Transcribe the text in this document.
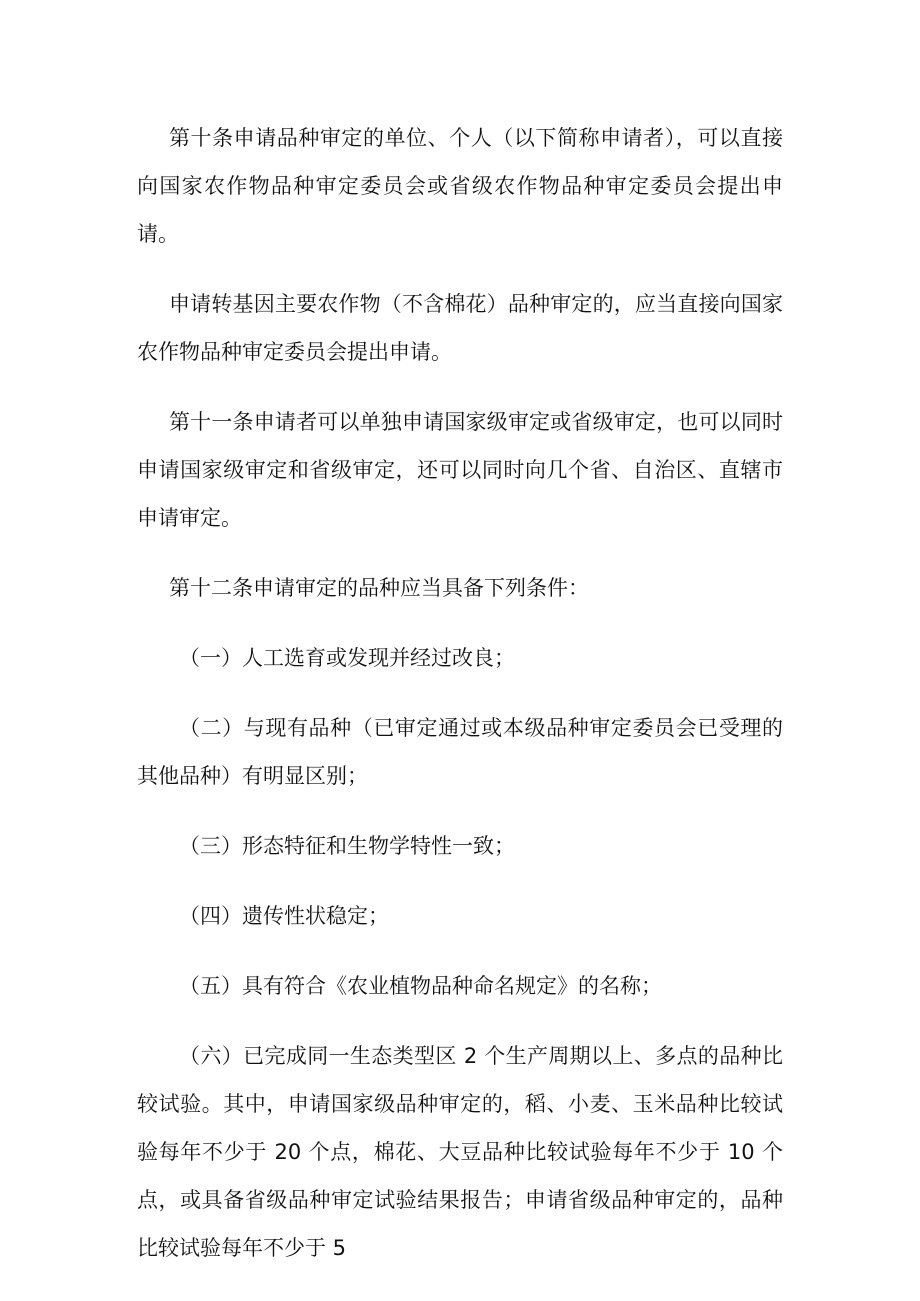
第十条申请品种审定的单位、个人（以下简称申请者），可以直接向国家农作物品种审定委员会或省级农作物品种审定委员会提出申请。

申请转基因主要农作物（不含棉花）品种审定的，应当直接向国家农作物品种审定委员会提出申请。

第十一条申请者可以单独申请国家级审定或省级审定，也可以同时申请国家级审定和省级审定，还可以同时向几个省、自治区、直辖市申请审定。

第十二条申请审定的品种应当具备下列条件：

（一）人工选育或发现并经过改良；

（二）与现有品种（已审定通过或本级品种审定委员会已受理的其他品种）有明显区别；

（三）形态特征和生物学特性一致；

（四）遗传性状稳定；

（五）具有符合《农业植物品种命名规定》的名称；

（六）已完成同一生态类型区 2 个生产周期以上、多点的品种比较试验。其中，申请国家级品种审定的，稻、小麦、玉米品种比较试验每年不少于 20 个点，棉花、大豆品种比较试验每年不少于 10 个点，或具备省级品种审定试验结果报告；申请省级品种审定的，品种比较试验每年不少于 5
